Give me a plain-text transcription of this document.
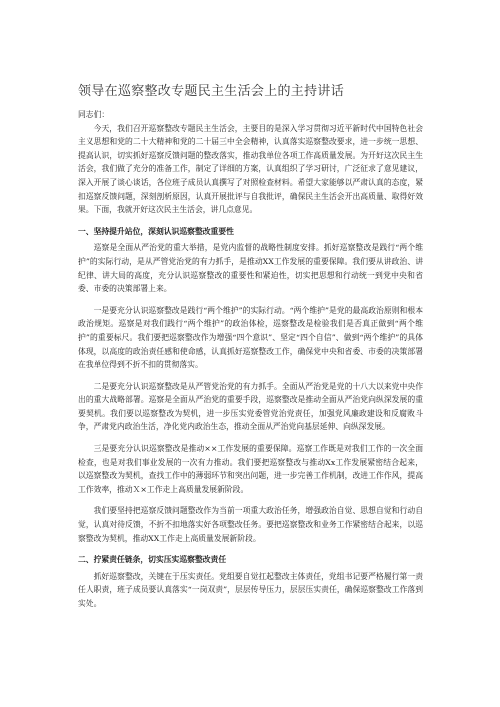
领导在巡察整改专题民主生活会上的主持讲话
同志们：

今天，我们召开巡察整改专题民主生活会，主要目的是深入学习贯彻习近平新时代中国特色社会主义思想和党的二十大精神和党的二十届三中全会精神，认真落实巡察整改要求，进一步统一思想、提高认识，切实抓好巡察反馈问题的整改落实，推动我单位各项工作高质量发展。为开好这次民主生活会，我们做了充分的准备工作，制定了详细的方案，认真组织了学习研讨，广泛征求了意见建议，深入开展了谈心谈话，各位班子成员认真撰写了对照检查材料。希望大家能够以严肃认真的态度，紧扣巡察反馈问题，深刻剖析原因，认真开展批评与自我批评，确保民主生活会开出高质量、取得好效果。下面，我就开好这次民主生活会，讲几点意见。

一、坚持提升站位，深刻认识巡察整改重要性

巡察是全面从严治党的重大举措，是党内监督的战略性制度安排。抓好巡察整改是践行“两个维护”的实际行动，是从严管党治党的有力抓手，是推动XX工作发展的重要保障。我们要从讲政治、讲纪律、讲大局的高度，充分认识巡察整改的重要性和紧迫性，切实把思想和行动统一到党中央和省委、市委的决策部署上来。

一是要充分认识巡察整改是践行“两个维护”的实际行动。“两个维护”是党的最高政治原则和根本政治规矩。巡察是对我们践行“两个维护”的政治体检，巡察整改是检验我们是否真正做到“两个维护”的重要标尺。我们要把巡察整改作为增强“四个意识”、坚定“四个自信”、做到“两个维护”的具体体现，以高度的政治责任感和使命感，认真抓好巡察整改工作，确保党中央和省委、市委的决策部署在我单位得到不折不扣的贯彻落实。

二是要充分认识巡察整改是从严管党治党的有力抓手。全面从严治党是党的十八大以来党中央作出的重大战略部署。巡察是全面从严治党的重要手段，巡察整改是推动全面从严治党向纵深发展的重要契机。我们要以巡察整改为契机，进一步压实党委管党治党责任，加强党风廉政建设和反腐败斗争，严肃党内政治生活，净化党内政治生态，推动全面从严治党向基层延伸、向纵深发展。

三是要充分认识巡察整改是推动××工作发展的重要保障。巡察工作既是对我们工作的一次全面检查，也是对我们事业发展的一次有力推动。我们要把巡察整改与推动Xx工作发展紧密结合起来，以巡察整改为契机，查找工作中的薄弱环节和突出问题，进一步完善工作机制，改进工作作风，提高工作效率，推动Ｘ×工作走上高质量发展新阶段。

我们要坚持把巡察反馈问题整改作为当前一项重大政治任务，增强政治自觉、思想自觉和行动自觉，认真对待反馈，不折不扣地落实好各项整改任务。要把巡察整改和业务工作紧密结合起来，以巡察整改为契机，推动XX工作走上高质量发展新阶段。

二、拧紧责任链条，切实压实巡察整改责任

抓好巡察整改，关键在于压实责任。党组要自觉扛起整改主体责任，党组书记要严格履行第一责任人职责，班子成员要认真落实“一岗双责”，层层传导压力，层层压实责任，确保巡察整改工作落到实处。
